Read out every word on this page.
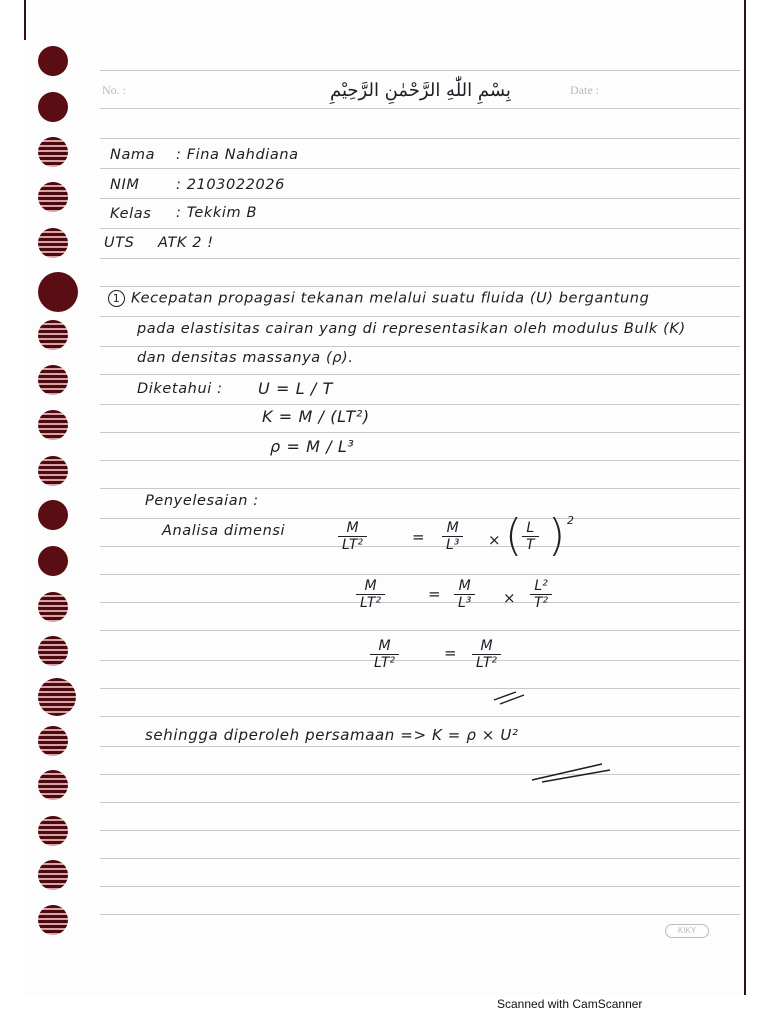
No. :	Date :
بِسْمِ اللّٰهِ الرَّحْمٰنِ الرَّحِيْمِ
Nama : Fina Nahdiana
NIM	: 2103022026
Kelas : Tekkim B
UTS ATK 2 !
1 Kecepatan propagasi tekanan melalui suatu fluida (U) bergantung
pada elastisitas cairan yang di representasikan oleh modulus Bulk (K)
dan densitas massanya (ρ).
Diketahui : U = L / T
K = M / (LT²)
ρ = M / L³
Penyelesaian :
Analisa dimensi	$\frac{M}{\text{LT²}}$	= $\frac{M}{\text{L³}}$ × ( $\frac{L}{T}$ ) 2
$\frac{M}{\text{LT²}}$	= $\frac{M}{\text{L³}} \times \frac{\text{L²}}{\text{T²}}$
$\frac{M}{\text{LT²}}$	= $\frac{M}{\text{LT²}}$
sehingga diperoleh persamaan => K = ρ × U²
KIKY
Scanned with CamScanner
